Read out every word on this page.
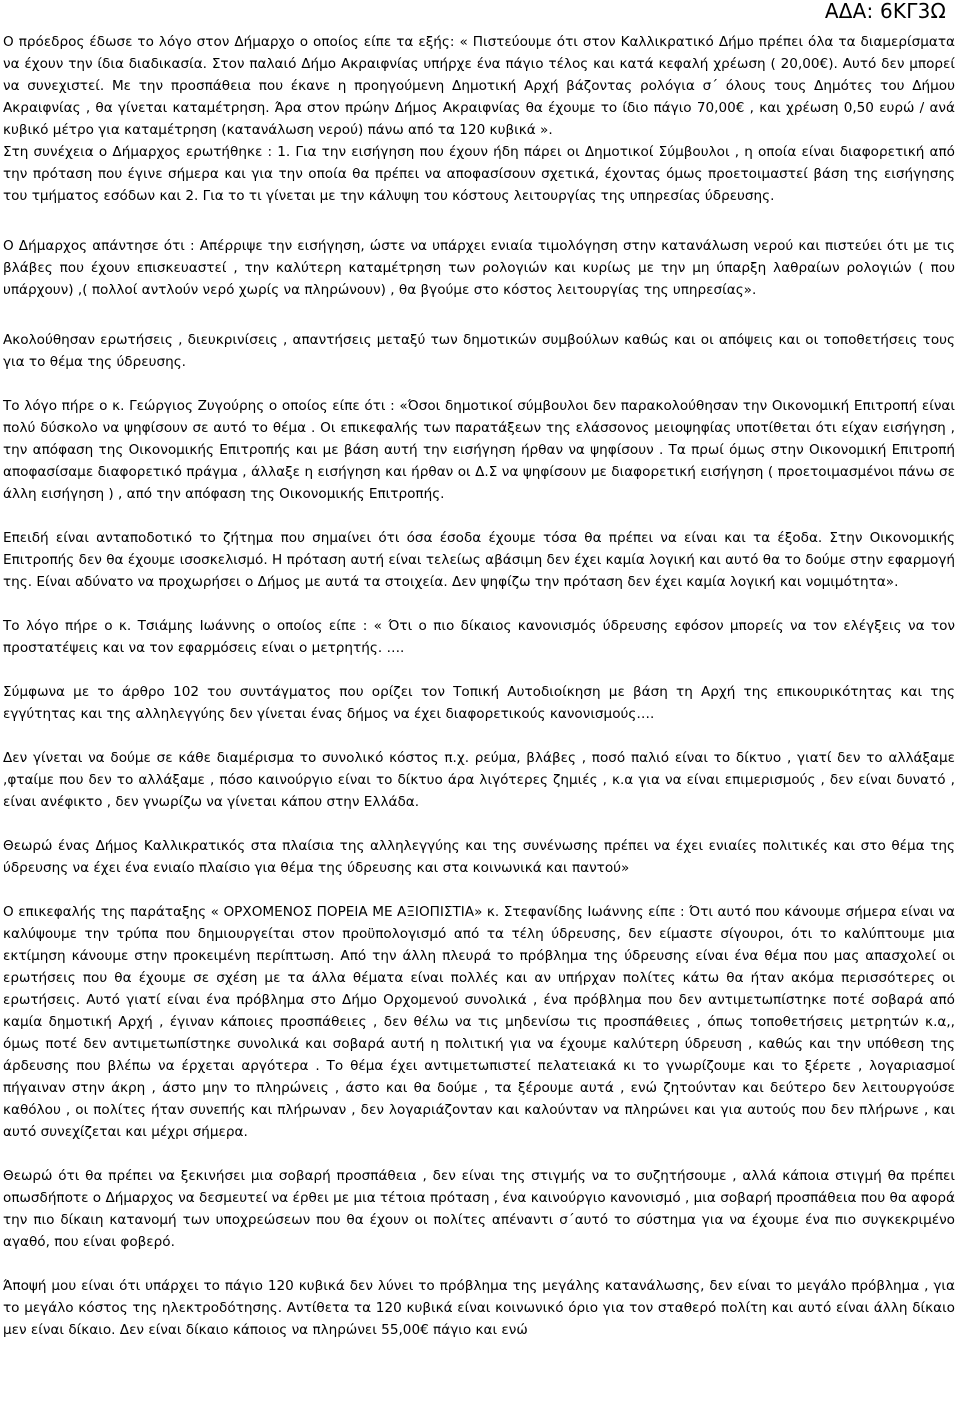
ΑΔΑ: 6ΚΓ3Ω

Ο πρόεδρος έδωσε το λόγο στον Δήμαρχο ο οποίος είπε τα εξής: « Πιστεύουμε ότι στον Καλλικρατικό Δήμο πρέπει όλα τα διαμερίσματα να έχουν την ίδια διαδικασία. Στον παλαιό Δήμο Ακραιφνίας υπήρχε ένα πάγιο τέλος και κατά κεφαλή χρέωση ( 20,00€). Αυτό δεν μπορεί να συνεχιστεί. Με την προσπάθεια που έκανε η προηγούμενη Δημοτική Αρχή βάζοντας ρολόγια σ΄ όλους τους Δημότες του Δήμου Ακραιφνίας , θα γίνεται καταμέτρηση. Άρα στον πρώην Δήμος Ακραιφνίας θα έχουμε το ίδιο πάγιο 70,00€ , και χρέωση 0,50 ευρώ / ανά κυβικό μέτρο για καταμέτρηση (κατανάλωση νερού) πάνω από τα 120 κυβικά ».
Στη συνέχεια ο Δήμαρχος ερωτήθηκε : 1. Για την εισήγηση που έχουν ήδη πάρει οι Δημοτικοί Σύμβουλοι , η οποία είναι διαφορετική από την πρόταση που έγινε σήμερα και για την οποία θα πρέπει να αποφασίσουν σχετικά, έχοντας όμως προετοιμαστεί βάση της εισήγησης του τμήματος εσόδων και 2. Για το τι γίνεται με την κάλυψη του κόστους λειτουργίας της υπηρεσίας ύδρευσης.

Ο Δήμαρχος απάντησε ότι : Απέρριψε την εισήγηση, ώστε να υπάρχει ενιαία τιμολόγηση στην κατανάλωση νερού και πιστεύει ότι με τις βλάβες που έχουν επισκευαστεί , την καλύτερη καταμέτρηση των ρολογιών και κυρίως με την μη ύπαρξη λαθραίων ρολογιών ( που υπάρχουν) ,( πολλοί αντλούν νερό χωρίς να πληρώνουν) , θα βγούμε στο κόστος λειτουργίας της υπηρεσίας».

Ακολούθησαν ερωτήσεις , διευκρινίσεις , απαντήσεις μεταξύ των δημοτικών συμβούλων καθώς και οι απόψεις και οι τοποθετήσεις τους για το θέμα της ύδρευσης.

Το λόγο πήρε ο κ. Γεώργιος Ζυγούρης ο οποίος είπε ότι : «Όσοι δημοτικοί σύμβουλοι δεν παρακολούθησαν την Οικονομική Επιτροπή είναι πολύ δύσκολο να ψηφίσουν σε αυτό το θέμα . Οι επικεφαλής των παρατάξεων της ελάσσονος μειοψηφίας υποτίθεται ότι είχαν εισήγηση , την απόφαση της Οικονομικής Επιτροπής και με βάση αυτή την εισήγηση ήρθαν να ψηφίσουν . Τα πρωί όμως στην Οικονομική Επιτροπή αποφασίσαμε διαφορετικό πράγμα , άλλαξε η εισήγηση και ήρθαν οι Δ.Σ να ψηφίσουν με διαφορετική εισήγηση ( προετοιμασμένοι πάνω σε άλλη εισήγηση ) , από την απόφαση της Οικονομικής Επιτροπής.

Επειδή είναι ανταποδοτικό το ζήτημα που σημαίνει ότι όσα έσοδα έχουμε τόσα θα πρέπει να είναι και τα έξοδα. Στην Οικονομικής Επιτροπής δεν θα έχουμε ισοσκελισμό. Η πρόταση αυτή είναι τελείως αβάσιμη δεν έχει καμία λογική και αυτό θα το δούμε στην εφαρμογή της. Είναι αδύνατο να προχωρήσει ο Δήμος με αυτά τα στοιχεία. Δεν ψηφίζω την πρόταση δεν έχει καμία λογική και νομιμότητα».

Το λόγο πήρε ο κ. Τσιάμης Ιωάννης ο οποίος είπε : « Ότι ο πιο δίκαιος κανονισμός ύδρευσης εφόσον μπορείς να τον ελέγξεις να τον προστατέψεις και να τον εφαρμόσεις είναι ο μετρητής. ….

Σύμφωνα με το άρθρο 102 του συντάγματος που ορίζει τον Τοπική Αυτοδιοίκηση με βάση τη Αρχή της επικουρικότητας και της εγγύτητας και της αλληλεγγύης δεν γίνεται ένας δήμος να έχει διαφορετικούς κανονισμούς….

Δεν γίνεται να δούμε σε κάθε διαμέρισμα το συνολικό κόστος π.χ. ρεύμα, βλάβες , ποσό παλιό είναι το δίκτυο , γιατί δεν το αλλάξαμε ,φταίμε που δεν το αλλάξαμε , πόσο καινούργιο είναι το δίκτυο άρα λιγότερες ζημιές , κ.α για να είναι επιμερισμούς , δεν είναι δυνατό , είναι ανέφικτο , δεν γνωρίζω να γίνεται κάπου στην Ελλάδα.

Θεωρώ ένας Δήμος Καλλικρατικός στα πλαίσια της αλληλεγγύης και της συνένωσης πρέπει να έχει ενιαίες πολιτικές και στο θέμα της ύδρευσης να έχει ένα ενιαίο πλαίσιο για θέμα της ύδρευσης και στα κοινωνικά και παντού»

Ο επικεφαλής της παράταξης « ΟΡΧΟΜΕΝΟΣ ΠΟΡΕΙΑ ΜΕ ΑΞΙΟΠΙΣΤΙΑ» κ. Στεφανίδης Ιωάννης είπε : Ότι αυτό που κάνουμε σήμερα είναι να καλύψουμε την τρύπα που δημιουργείται στον προϋπολογισμό από τα τέλη ύδρευσης, δεν είμαστε σίγουροι, ότι το καλύπτουμε μια εκτίμηση κάνουμε στην προκειμένη περίπτωση. Από την άλλη πλευρά το πρόβλημα της ύδρευσης είναι ένα θέμα που μας απασχολεί οι ερωτήσεις που θα έχουμε σε σχέση με τα άλλα θέματα είναι πολλές και αν υπήρχαν πολίτες κάτω θα ήταν ακόμα περισσότερες οι ερωτήσεις. Αυτό γιατί είναι ένα πρόβλημα στο Δήμο Ορχομενού συνολικά , ένα πρόβλημα που δεν αντιμετωπίστηκε ποτέ σοβαρά από καμία δημοτική Αρχή , έγιναν κάποιες προσπάθειες , δεν θέλω να τις μηδενίσω τις προσπάθειες , όπως τοποθετήσεις μετρητών κ.α,, όμως ποτέ δεν αντιμετωπίστηκε συνολικά και σοβαρά αυτή η πολιτική για να έχουμε καλύτερη ύδρευση , καθώς και την υπόθεση της άρδευσης που βλέπω να έρχεται αργότερα . Το θέμα έχει αντιμετωπιστεί πελατειακά κι το γνωρίζουμε και το ξέρετε , λογαριασμοί πήγαιναν στην άκρη , άστο μην το πληρώνεις , άστο και θα δούμε , τα ξέρουμε αυτά , ενώ ζητούνταν και δεύτερο δεν λειτουργούσε καθόλου , οι πολίτες ήταν συνεπής και πλήρωναν , δεν λογαριάζονταν και καλούνταν να πληρώνει και για αυτούς που δεν πλήρωνε , και αυτό συνεχίζεται και μέχρι σήμερα.

Θεωρώ ότι θα πρέπει να ξεκινήσει μια σοβαρή προσπάθεια , δεν είναι της στιγμής να το συζητήσουμε , αλλά κάποια στιγμή θα πρέπει οπωσδήποτε ο Δήμαρχος να δεσμευτεί να έρθει με μια τέτοια πρόταση , ένα καινούργιο κανονισμό , μια σοβαρή προσπάθεια που θα αφορά την πιο δίκαιη κατανομή των υποχρεώσεων που θα έχουν οι πολίτες απέναντι σ΄αυτό το σύστημα για να έχουμε ένα πιο συγκεκριμένο αγαθό, που είναι φοβερό.

Άποψή μου είναι ότι υπάρχει το πάγιο 120 κυβικά δεν λύνει το πρόβλημα της μεγάλης κατανάλωσης, δεν είναι το μεγάλο πρόβλημα , για το μεγάλο κόστος της ηλεκτροδότησης. Αντίθετα τα 120 κυβικά είναι κοινωνικό όριο για τον σταθερό πολίτη και αυτό είναι άλλη δίκαιο μεν είναι δίκαιο. Δεν είναι δίκαιο κάποιος να πληρώνει 55,00€ πάγιο και ενώ
